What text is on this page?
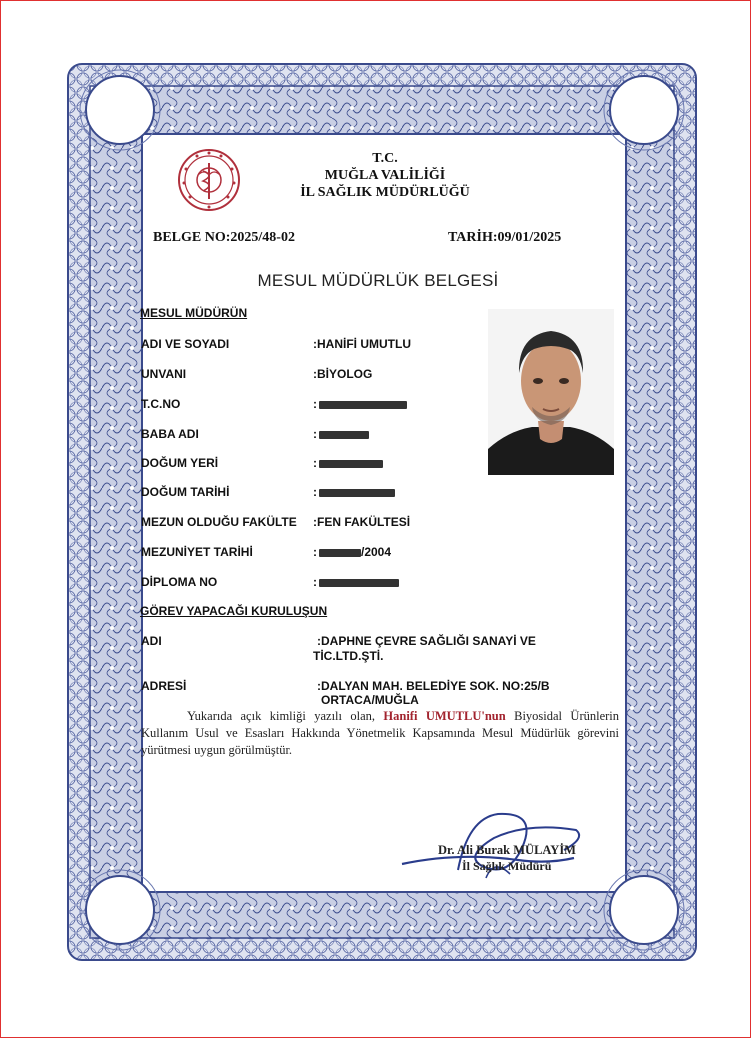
T.C.
MUĞLA VALİLİĞİ
İL SAĞLIK MÜDÜRLÜĞÜ
BELGE NO:2025/48-02	TARİH:09/01/2025
MESUL MÜDÜRLÜK BELGESİ
MESUL MÜDÜRÜN
ADI VE SOYADI	:HANİFİ UMUTLU
UNVANI	:BİYOLOG
T.C.NO	:
BABA ADI	:
DOĞUM YERİ	:
DOĞUM TARİHİ	:
MEZUN OLDUĞU FAKÜLTE :FEN FAKÜLTESİ
MEZUNİYET TARİHİ	:	/2004
DİPLOMA NO	:
GÖREV YAPACAĞI KURULUŞUN
ADI	:DAPHNE ÇEVRE SAĞLIĞI SANAYİ VE
TİC.LTD.ŞTİ.
ADRESİ	:DALYAN MAH. BELEDİYE SOK. NO:25/B
ORTACA/MUĞLA
Yukarıda açık kimliği yazılı olan, Hanifi UMUTLU'nun Biyosidal Ürünlerin Kullanım Usul ve Esasları Hakkında Yönetmelik Kapsamında Mesul Müdürlük görevini yürütmesi uygun görülmüştür.
Dr. Ali Burak MÜLAYİM
İl Sağlık Müdürü
